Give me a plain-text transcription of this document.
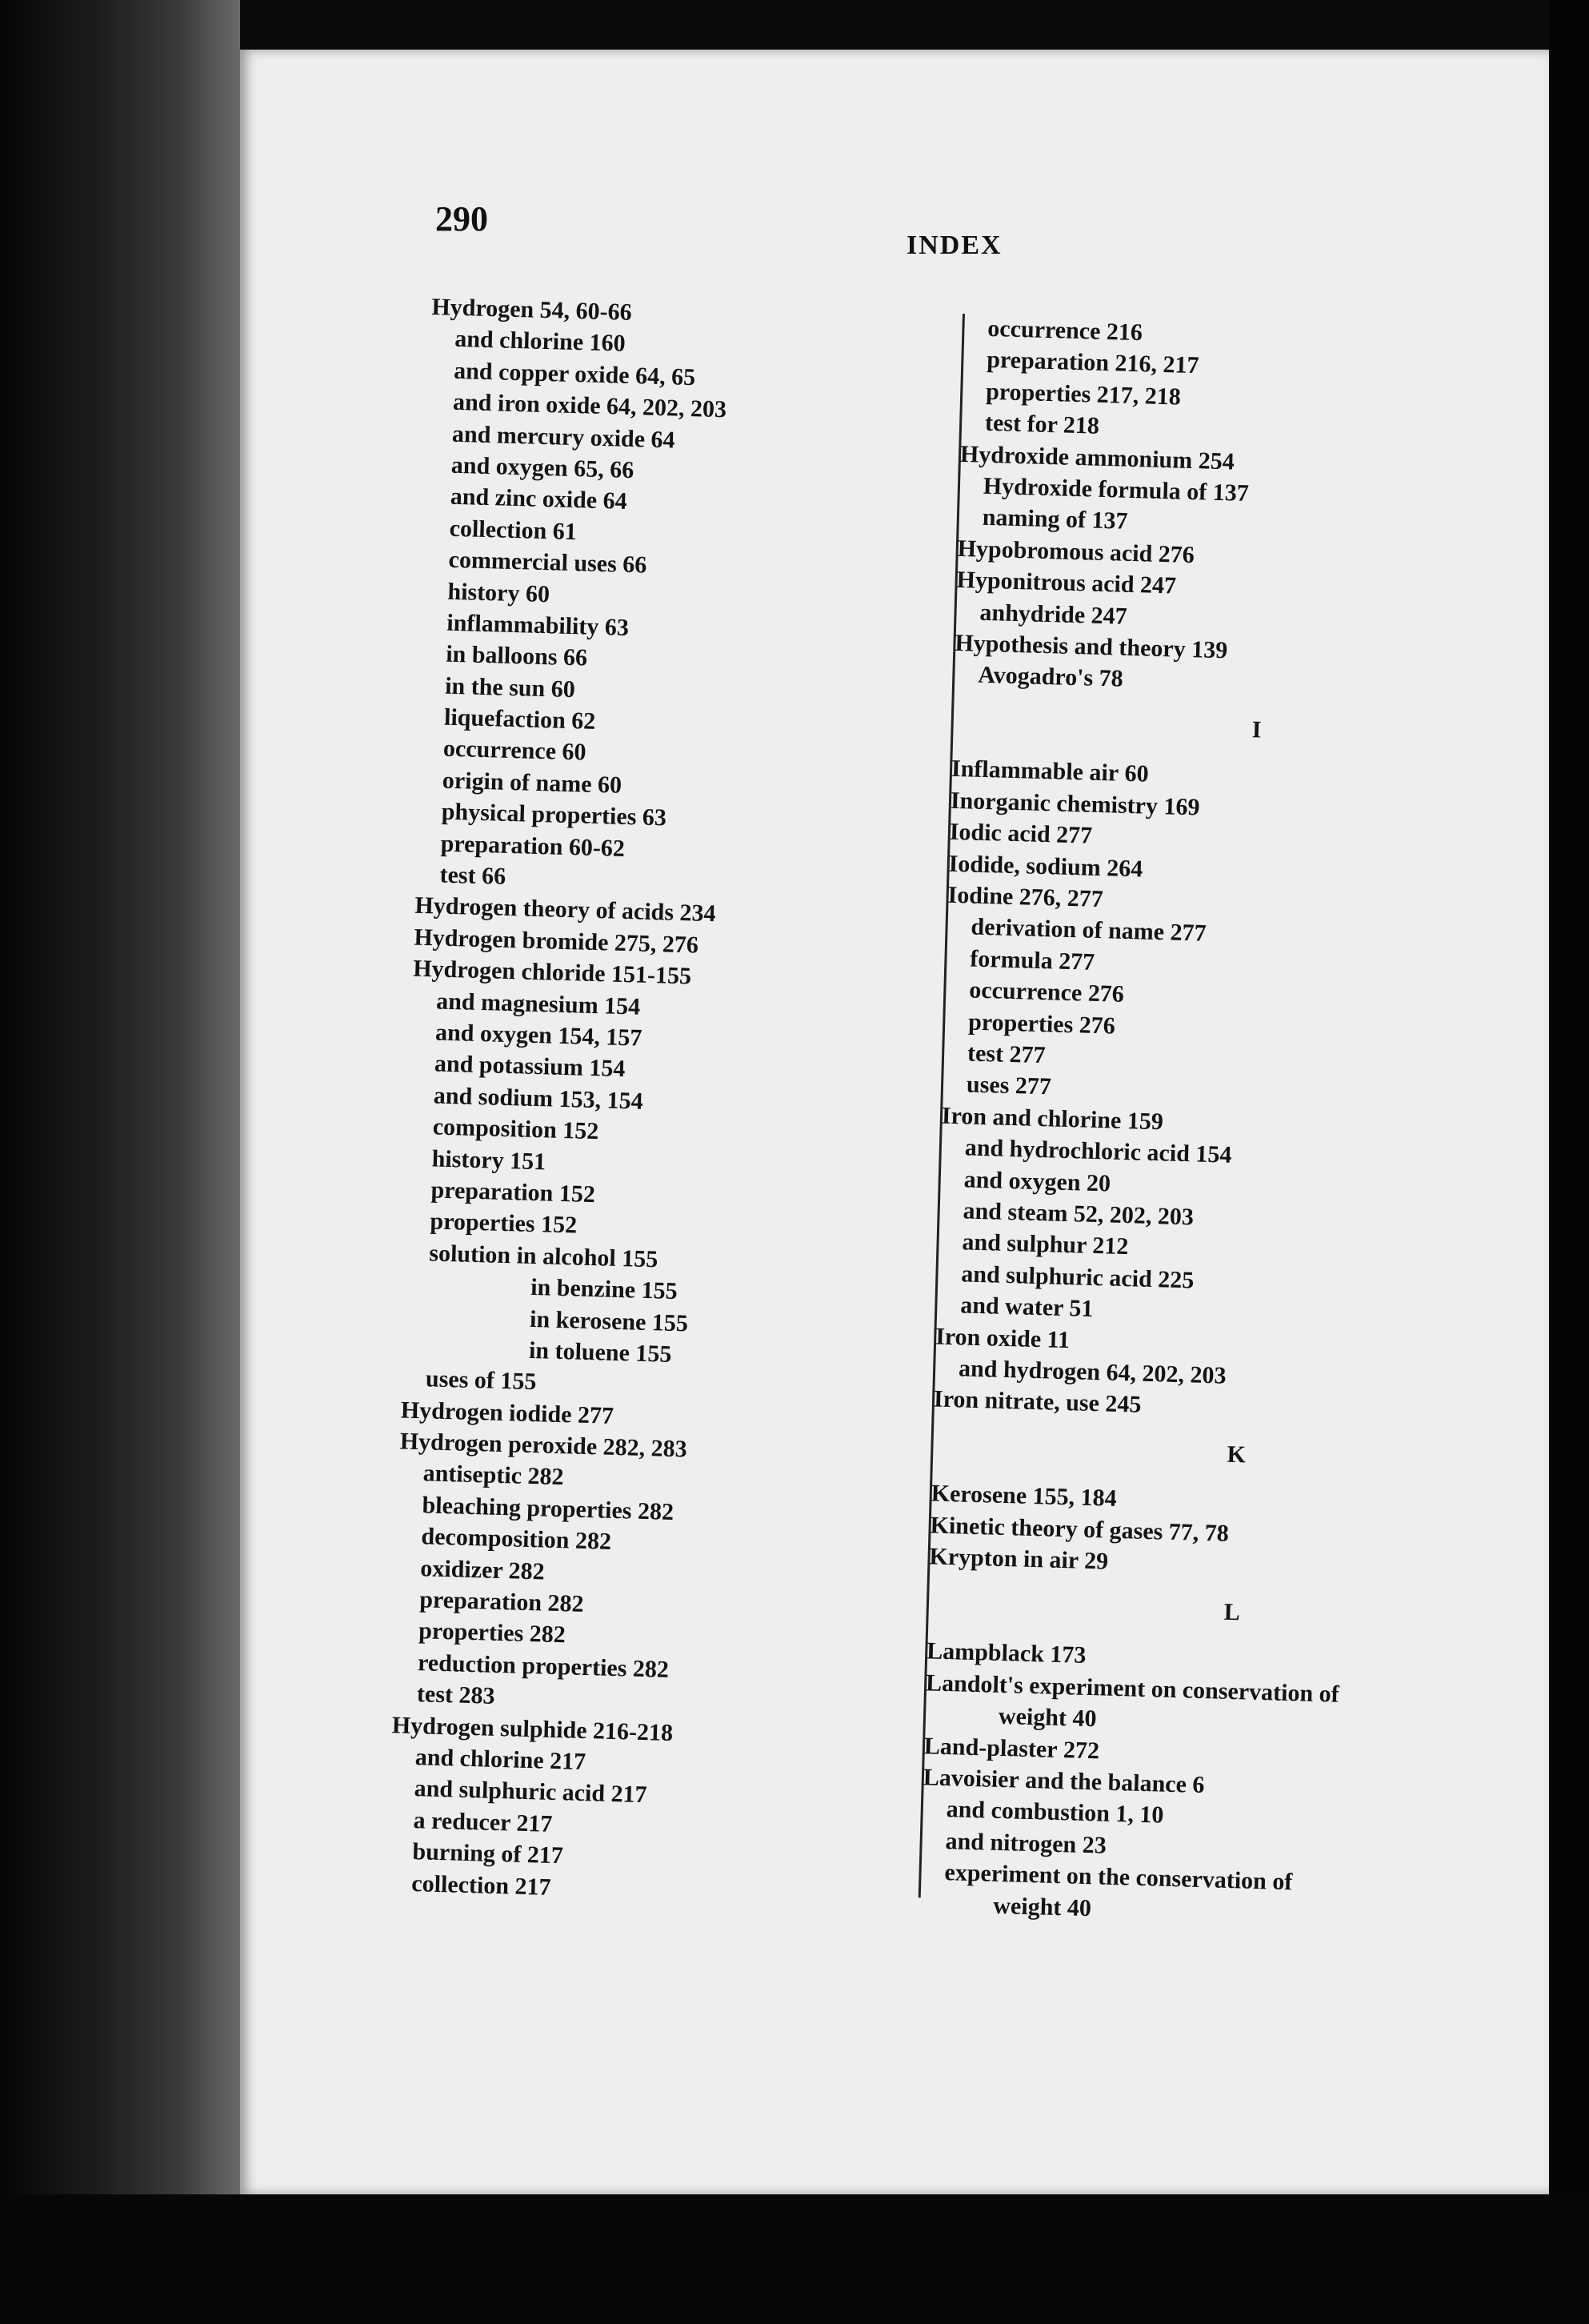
290
INDEX
Hydrogen 54, 60-66
and chlorine 160
and copper oxide 64, 65
and iron oxide 64, 202, 203
and mercury oxide 64
and oxygen 65, 66
and zinc oxide 64
collection 61
commercial uses 66
history 60
inflammability 63
in balloons 66
in the sun 60
liquefaction 62
occurrence 60
origin of name 60
physical properties 63
preparation 60-62
test 66
Hydrogen theory of acids 234
Hydrogen bromide 275, 276
Hydrogen chloride 151-155
and magnesium 154
and oxygen 154, 157
and potassium 154
and sodium 153, 154
composition 152
history 151
preparation 152
properties 152
solution in alcohol 155
in benzine 155
in kerosene 155
in toluene 155
uses of 155
Hydrogen iodide 277
Hydrogen peroxide 282, 283
antiseptic 282
bleaching properties 282
decomposition 282
oxidizer 282
preparation 282
properties 282
reduction properties 282
test 283
Hydrogen sulphide 216-218
and chlorine 217
and sulphuric acid 217
a reducer 217
burning of 217
collection 217
occurrence 216
preparation 216, 217
properties 217, 218
test for 218
Hydroxide ammonium 254
Hydroxide formula of 137
naming of 137
Hypobromous acid 276
Hyponitrous acid 247
anhydride 247
Hypothesis and theory 139
Avogadro's 78
I
Inflammable air 60
Inorganic chemistry 169
Iodic acid 277
Iodide, sodium 264
Iodine 276, 277
derivation of name 277
formula 277
occurrence 276
properties 276
test 277
uses 277
Iron and chlorine 159
and hydrochloric acid 154
and oxygen 20
and steam 52, 202, 203
and sulphur 212
and sulphuric acid 225
and water 51
Iron oxide 11
and hydrogen 64, 202, 203
Iron nitrate, use 245
K
Kerosene 155, 184
Kinetic theory of gases 77, 78
Krypton in air 29
L
Lampblack 173
Landolt's experiment on conservation of
weight 40
Land-plaster 272
Lavoisier and the balance 6
and combustion 1, 10
and nitrogen 23
experiment on the conservation of
weight 40
